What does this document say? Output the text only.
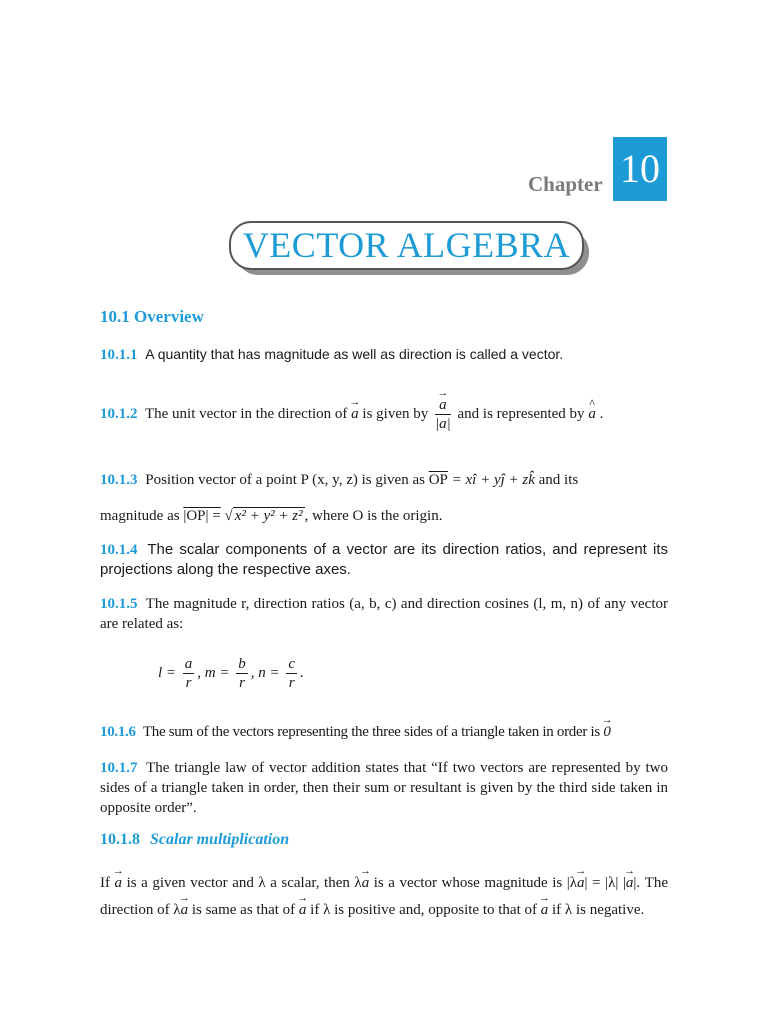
Chapter 10
VECTOR ALGEBRA
10.1 Overview
10.1.1 A quantity that has magnitude as well as direction is called a vector.
10.1.2 The unit vector in the direction of → a is given by → $\frac{a}{|a|}$ and is represented by ^ a .
10.1.3 Position vector of a point P (x, y, z) is given as $\overline{OP}$ = xî + yĵ + zk̂ and its
magnitude as |OP| = √ x² + y² + z² , where O is the origin.
10.1.4 The scalar components of a vector are its direction ratios, and represent its projections along the respective axes.
10.1.5 The magnitude r, direction ratios (a, b, c) and direction cosines (l, m, n) of any vector are related as:
$l = \frac{a}{r}$ , $m = \frac{b}{r}$ , $n = \frac{c}{r}$ .
10.1.6 The sum of the vectors representing the three sides of a triangle taken in order is → 0
10.1.7 The triangle law of vector addition states that “If two vectors are represented by two sides of a triangle taken in order, then their sum or resultant is given by the third side taken in opposite order”.
10.1.8 Scalar multiplication
If → a is a given vector and λ a scalar, then λ→ a is a vector whose magnitude is |λ→ a| = |λ| |→ a|. The direction of λ→ a is same as that of → a if λ is positive and, opposite to that of → a if λ is negative.
